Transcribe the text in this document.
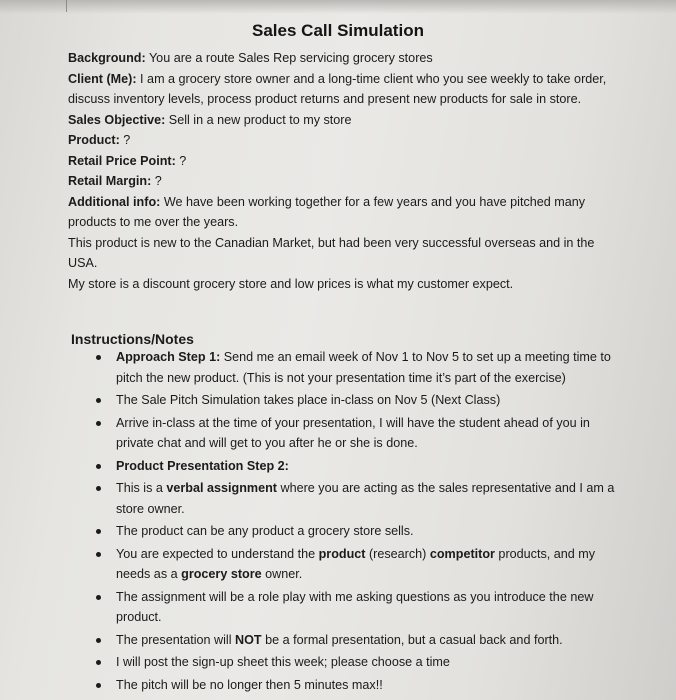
Sales Call Simulation

Background: You are a route Sales Rep servicing grocery stores

Client (Me): I am a grocery store owner and a long-time client who you see weekly to take order, discuss inventory levels, process product returns and present new products for sale in store.

Sales Objective: Sell in a new product to my store

Product: ?

Retail Price Point: ?

Retail Margin: ?

Additional info: We have been working together for a few years and you have pitched many products to me over the years.

This product is new to the Canadian Market, but had been very successful overseas and in the USA.

My store is a discount grocery store and low prices is what my customer expect.

Instructions/Notes
Approach Step 1: Send me an email week of Nov 1 to Nov 5 to set up a meeting time to pitch the new product. (This is not your presentation time it’s part of the exercise)
The Sale Pitch Simulation takes place in-class on Nov 5 (Next Class)
Arrive in-class at the time of your presentation, I will have the student ahead of you in private chat and will get to you after he or she is done.
Product Presentation Step 2:
This is a verbal assignment where you are acting as the sales representative and I am a store owner.
The product can be any product a grocery store sells.
You are expected to understand the product (research) competitor products, and my needs as a grocery store owner.
The assignment will be a role play with me asking questions as you introduce the new product.
The presentation will NOT be a formal presentation, but a casual back and forth.
I will post the sign-up sheet this week; please choose a time
The pitch will be no longer then 5 minutes max!!
